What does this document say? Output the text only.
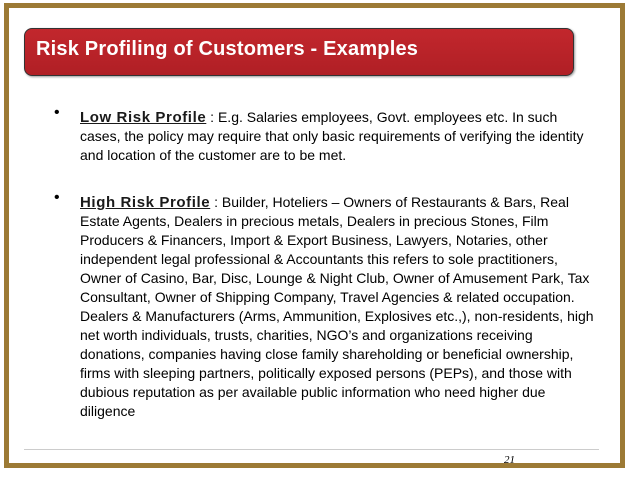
Risk Profiling of Customers - Examples
• Low Risk Profile : E.g. Salaries employees, Govt. employees etc. In such cases, the policy may require that only basic requirements of verifying the identity and location of the customer are to be met.
• High Risk Profile : Builder, Hoteliers – Owners of Restaurants & Bars, Real Estate Agents, Dealers in precious metals, Dealers in precious Stones, Film Producers & Financers, Import & Export Business, Lawyers, Notaries, other independent legal professional & Accountants this refers to sole practitioners, Owner of Casino, Bar, Disc, Lounge & Night Club, Owner of Amusement Park, Tax Consultant, Owner of Shipping Company, Travel Agencies & related occupation. Dealers & Manufacturers (Arms, Ammunition, Explosives etc.,), non-residents, high net worth individuals, trusts, charities, NGO’s and organizations receiving donations, companies having close family shareholding or beneficial ownership, firms with sleeping partners, politically exposed persons (PEPs), and those with dubious reputation as per available public information who need higher due diligence
21
